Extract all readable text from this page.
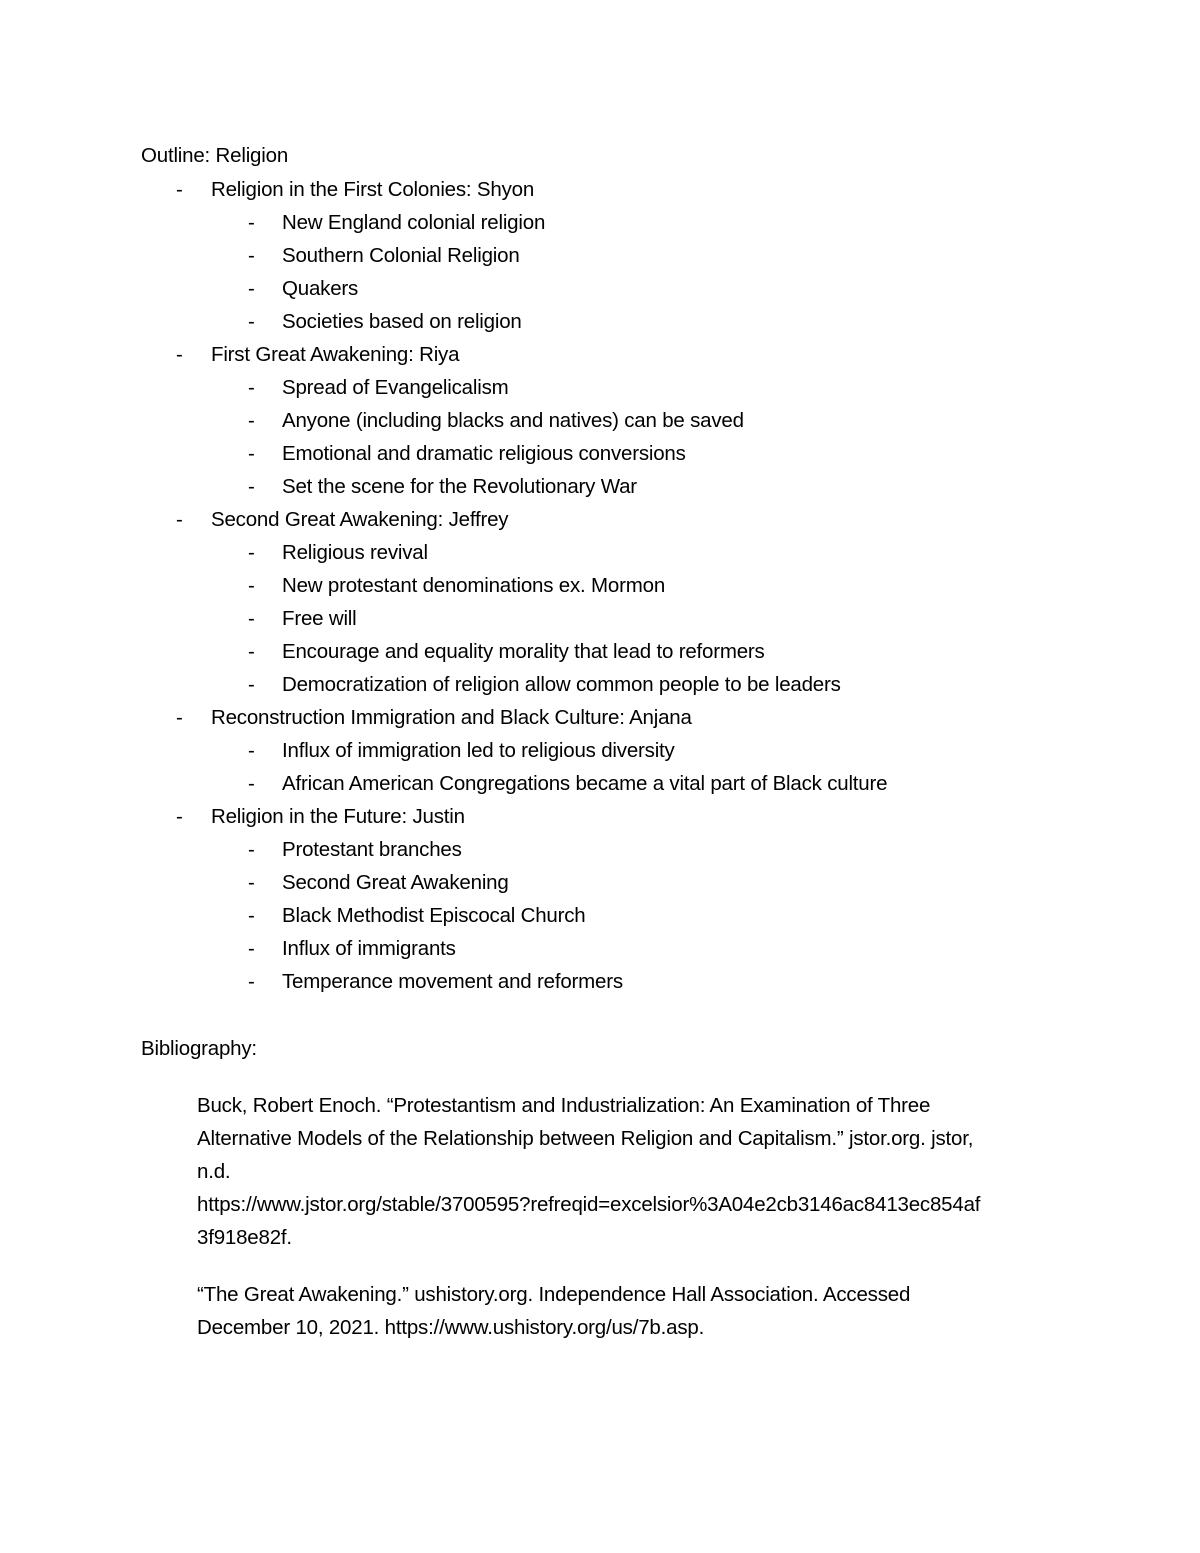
Outline: Religion
- Religion in the First Colonies: Shyon
- New England colonial religion
- Southern Colonial Religion
- Quakers
- Societies based on religion
- First Great Awakening: Riya
- Spread of Evangelicalism
- Anyone (including blacks and natives) can be saved
- Emotional and dramatic religious conversions
- Set the scene for the Revolutionary War
- Second Great Awakening: Jeffrey
- Religious revival
- New protestant denominations ex. Mormon
- Free will
- Encourage and equality morality that lead to reformers
- Democratization of religion allow common people to be leaders
- Reconstruction Immigration and Black Culture: Anjana
- Influx of immigration led to religious diversity
- African American Congregations became a vital part of Black culture
- Religion in the Future: Justin
- Protestant branches
- Second Great Awakening
- Black Methodist Episcocal Church
- Influx of immigrants
- Temperance movement and reformers
Bibliography:
Buck, Robert Enoch. “Protestantism and Industrialization: An Examination of Three
Alternative Models of the Relationship between Religion and Capitalism.” jstor.org. jstor,
n.d.
https://www.jstor.org/stable/3700595?refreqid=excelsior%3A04e2cb3146ac8413ec854af
3f918e82f.
“The Great Awakening.” ushistory.org. Independence Hall Association. Accessed
December 10, 2021. https://www.ushistory.org/us/7b.asp.
